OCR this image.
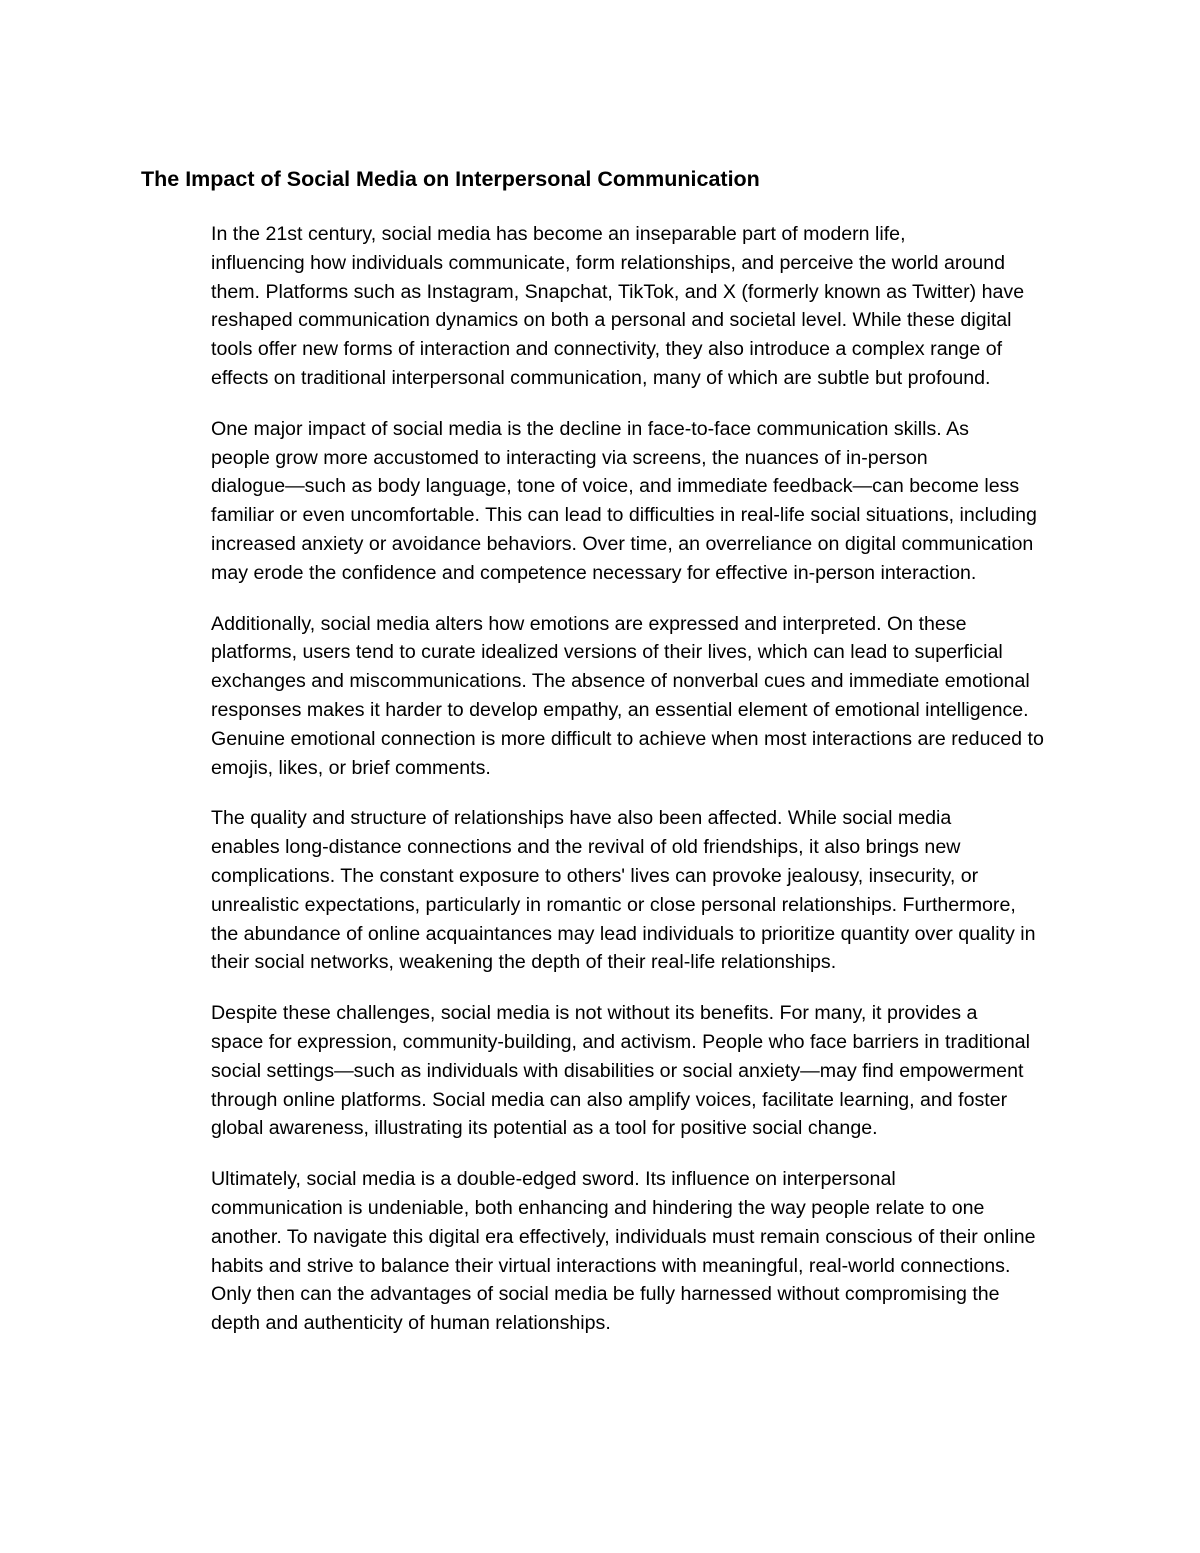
The Impact of Social Media on Interpersonal Communication

In the 21st century, social media has become an inseparable part of modern life,
influencing how individuals communicate, form relationships, and perceive the world around
them. Platforms such as Instagram, Snapchat, TikTok, and X (formerly known as Twitter) have
reshaped communication dynamics on both a personal and societal level. While these digital
tools offer new forms of interaction and connectivity, they also introduce a complex range of
effects on traditional interpersonal communication, many of which are subtle but profound.

One major impact of social media is the decline in face-to-face communication skills. As
people grow more accustomed to interacting via screens, the nuances of in-person
dialogue—such as body language, tone of voice, and immediate feedback—can become less
familiar or even uncomfortable. This can lead to difficulties in real-life social situations, including
increased anxiety or avoidance behaviors. Over time, an overreliance on digital communication
may erode the confidence and competence necessary for effective in-person interaction.

Additionally, social media alters how emotions are expressed and interpreted. On these
platforms, users tend to curate idealized versions of their lives, which can lead to superficial
exchanges and miscommunications. The absence of nonverbal cues and immediate emotional
responses makes it harder to develop empathy, an essential element of emotional intelligence.
Genuine emotional connection is more difficult to achieve when most interactions are reduced to
emojis, likes, or brief comments.

The quality and structure of relationships have also been affected. While social media
enables long-distance connections and the revival of old friendships, it also brings new
complications. The constant exposure to others' lives can provoke jealousy, insecurity, or
unrealistic expectations, particularly in romantic or close personal relationships. Furthermore,
the abundance of online acquaintances may lead individuals to prioritize quantity over quality in
their social networks, weakening the depth of their real-life relationships.

Despite these challenges, social media is not without its benefits. For many, it provides a
space for expression, community-building, and activism. People who face barriers in traditional
social settings—such as individuals with disabilities or social anxiety—may find empowerment
through online platforms. Social media can also amplify voices, facilitate learning, and foster
global awareness, illustrating its potential as a tool for positive social change.

Ultimately, social media is a double-edged sword. Its influence on interpersonal
communication is undeniable, both enhancing and hindering the way people relate to one
another. To navigate this digital era effectively, individuals must remain conscious of their online
habits and strive to balance their virtual interactions with meaningful, real-world connections.
Only then can the advantages of social media be fully harnessed without compromising the
depth and authenticity of human relationships.
